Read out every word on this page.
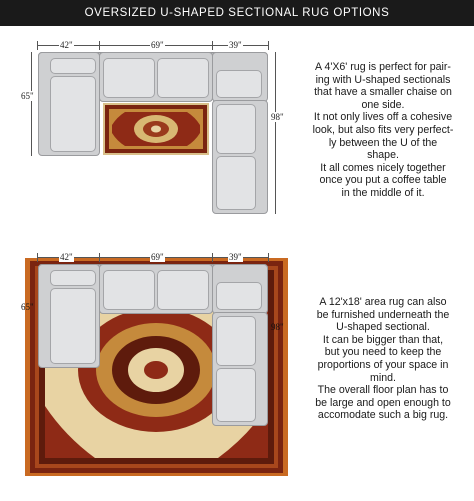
OVERSIZED U-SHAPED SECTIONAL RUG OPTIONS
42"	69"	39"
65"
98"

A 4'X6' rug is perfect for pair-

ing with U-shaped sectionals

that have a smaller chaise on

one side.

It not only lives off a cohesive

look, but also fits very perfect-

ly between the U of the

shape.

It all comes nicely together

once you put a coffee table

in the middle of it.

42"	69"	39"
65"
98"

A 12'x18' area rug can also

be furnished underneath the

U-shaped sectional.

It can be bigger than that,

but you need to keep the

proportions of your space in

mind.

The overall floor plan has to

be large and open enough to

accomodate such a big rug.
